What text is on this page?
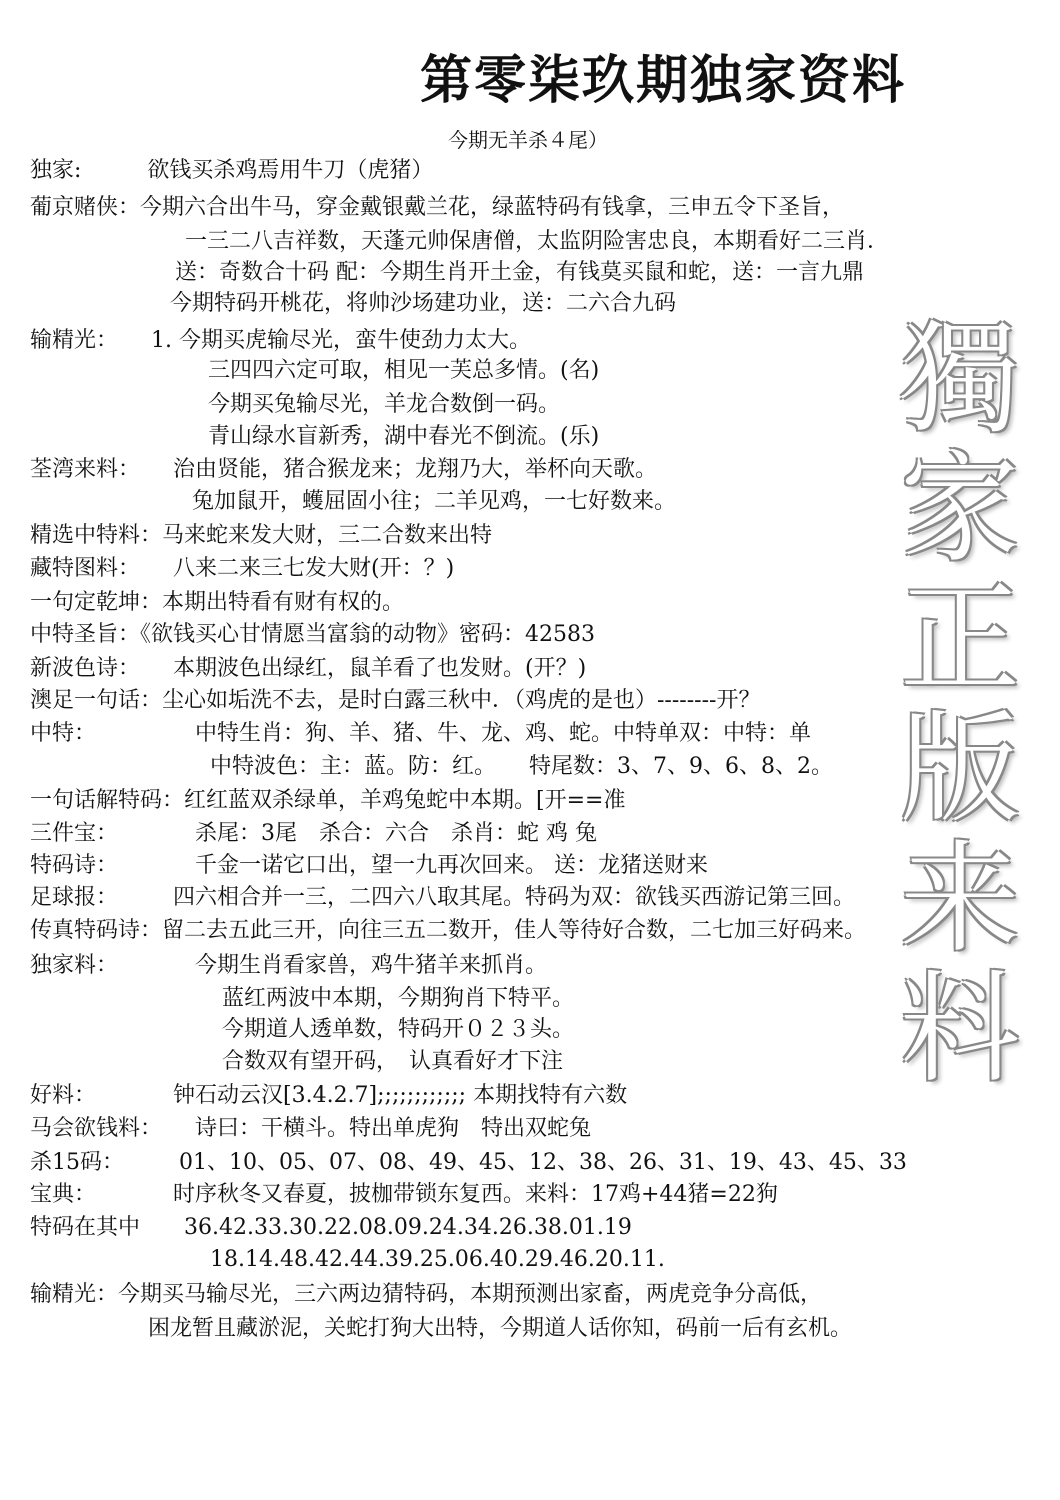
第零柒玖期独家资料
今期无羊杀４尾）
獨
家
正
版
来
料
独家:　　　欲钱买杀鸡焉用牛刀（虎猪）
葡京赌侠：今期六合出牛马，穿金戴银戴兰花，绿蓝特码有钱拿，三申五令下圣旨，
一三二八吉祥数，天蓬元帅保唐僧，太监阴险害忠良，本期看好二三肖．
送：奇数合十码 配：今期生肖开土金，有钱莫买鼠和蛇，送：一言九鼎
今期特码开桃花，将帅沙场建功业，送：二六合九码
输精光：　　1. 今期买虎输尽光，蛮牛使劲力太大。
三四四六定可取，相见一芙总多情。(名)
今期买兔输尽光，羊龙合数倒一码。
青山绿水盲新秀，湖中春光不倒流。(乐)
荃湾来料：　　治由贤能，猪合猴龙来；龙翔乃大，举杯向天歌。
兔加鼠开，蠖屈固小往；二羊见鸡，一七好数来。
精选中特料：马来蛇来发大财，三二合数来出特
藏特图料：　　八来二来三七发大财(开：？)
一句定乾坤：本期出特看有财有权的。
中特圣旨：《欲钱买心甘情愿当富翁的动物》密码：42583
新波色诗：　　本期波色出绿红，鼠羊看了也发财。(开？)
澳足一句话：尘心如垢洗不去，是时白露三秋中．（鸡虎的是也）--------开？
中特：　　　　　中特生肖：狗、羊、猪、牛、龙、鸡、蛇。中特单双：中特：单
中特波色：主：蓝。防：红。　　特尾数：3、7、9、6、8、2。
一句话解特码：红红蓝双杀绿单，羊鸡兔蛇中本期。[开==准
三件宝：　　　　杀尾：3尾　杀合：六合　杀肖：蛇 鸡 兔
特码诗：　　　　千金一诺它口出，望一九再次回来。 送：龙猪送财来
足球报：　　　四六相合并一三，二四六八取其尾。特码为双：欲钱买西游记第三回。
传真特码诗：留二去五此三开，向往三五二数开，佳人等待好合数，二七加三好码来。
独家料：　　　　今期生肖看家兽，鸡牛猪羊来抓肖。
蓝红两波中本期，今期狗肖下特平。
今期道人透单数，特码开０２３头。
合数双有望开码，　认真看好才下注
好料：　　　　钟石动云汉[3.4.2.7];;;;;;;;;;;; 本期找特有六数
马会欲钱料：　　诗曰：干横斗。特出单虎狗　特出双蛇兔
杀15码：　　　01、10、05、07、08、49、45、12、38、26、31、19、43、45、33
宝典：　　　　时序秋冬又春夏，披枷带锁东复西。来料：17鸡+44猪=22狗
特码在其中　　36.42.33.30.22.08.09.24.34.26.38.01.19
18.14.48.42.44.39.25.06.40.29.46.20.11.
输精光：今期买马输尽光，三六两边猜特码，本期预测出家畜，两虎竞争分高低，
困龙暂且藏淤泥，关蛇打狗大出特，今期道人话你知，码前一后有玄机。
